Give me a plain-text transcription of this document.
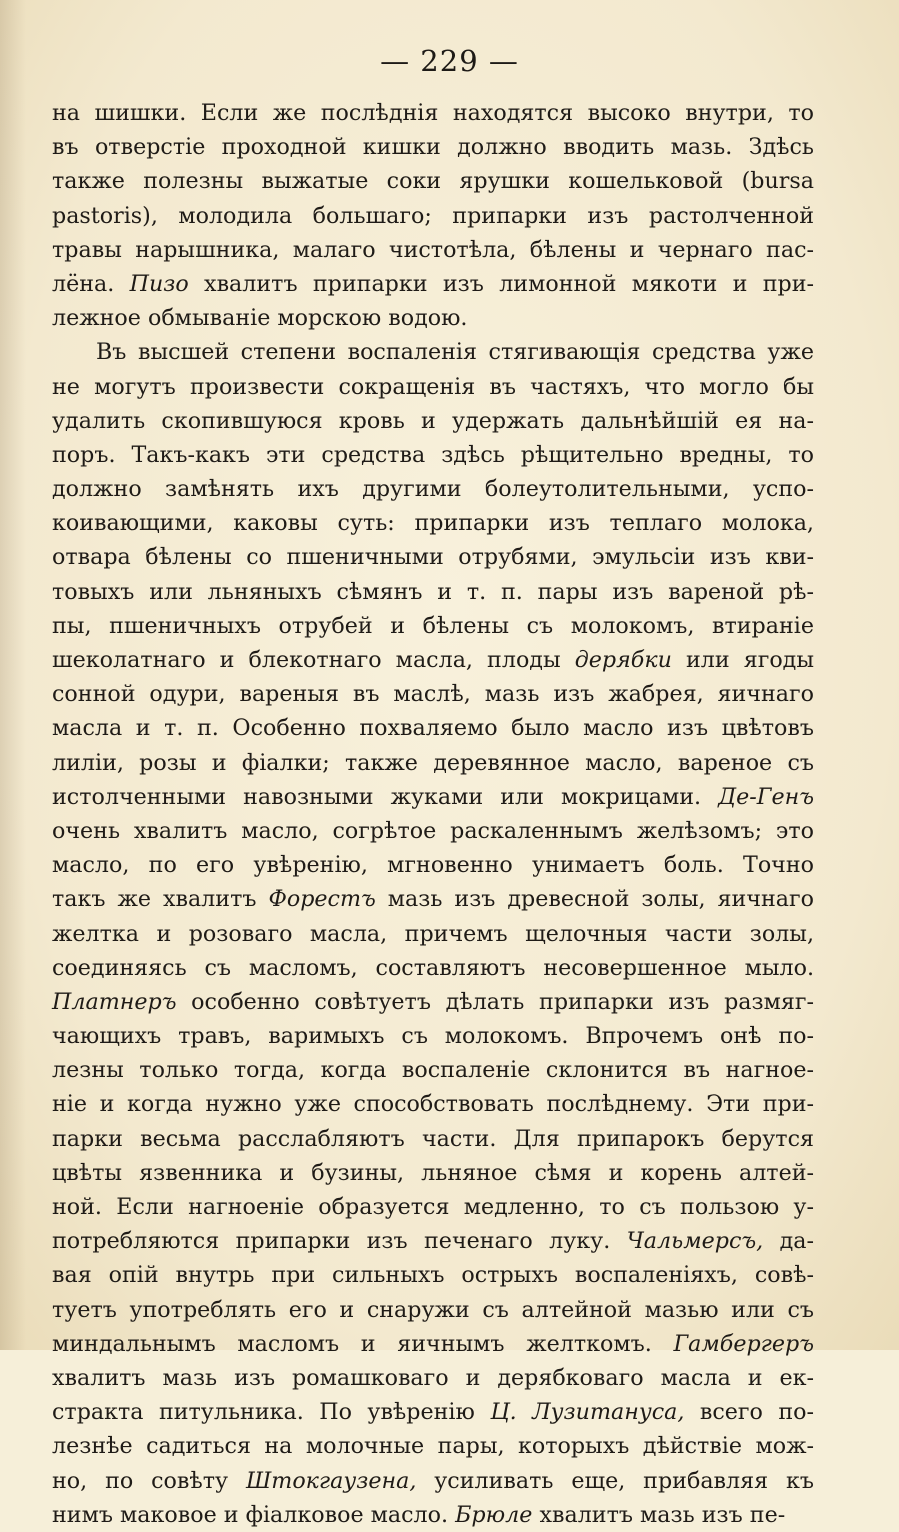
— 229 —
на шишки. Если же послѣднія находятся высоко внутри, то
въ отверстіе проходной кишки должно вводить мазь. Здѣсь
также полезны выжатые соки ярушки кошельковой (bursa
pastoris), молодила большаго; припарки изъ растолченной
травы нарышника, малаго чистотѣла, бѣлены и чернаго пас-
лёна. Пизо хвалитъ припарки изъ лимонной мякоти и при-
лежное обмываніе морскою водою.
Въ высшей степени воспаленія стягивающія средства уже
не могутъ произвести сокращенія въ частяхъ, что могло бы
удалить скопившуюся кровь и удержать дальнѣйшій ея на-
поръ. Такъ-какъ эти средства здѣсь рѣщительно вредны, то
должно замѣнять ихъ другими болеутолительными, успо-
коивающими, каковы суть: припарки изъ теплаго молока,
отвара бѣлены со пшеничными отрубями, эмульсіи изъ кви-
товыхъ или льняныхъ сѣмянъ и т. п. пары изъ вареной рѣ-
пы, пшеничныхъ отрубей и бѣлены съ молокомъ, втираніе
шеколатнаго и блекотнаго масла, плоды дерябки или ягоды
сонной одури, вареныя въ маслѣ, мазь изъ жабрея, яичнаго
масла и т. п. Особенно похваляемо было масло изъ цвѣтовъ
лиліи, розы и фіалки; также деревянное масло, вареное съ
истолченными навозными жуками или мокрицами. Де-Генъ
очень хвалитъ масло, согрѣтое раскаленнымъ желѣзомъ; это
масло, по его увѣренію, мгновенно унимаетъ боль. Точно
такъ же хвалитъ Форестъ мазь изъ древесной золы, яичнаго
желтка и розоваго масла, причемъ щелочныя части золы,
соединяясь съ масломъ, составляютъ несовершенное мыло.
Платнеръ особенно совѣтуетъ дѣлать припарки изъ размяг-
чающихъ травъ, варимыхъ съ молокомъ. Впрочемъ онѣ по-
лезны только тогда, когда воспаленіе склонится въ нагное-
ніе и когда нужно уже способствовать послѣднему. Эти при-
парки весьма расслабляютъ части. Для припарокъ берутся
цвѣты язвенника и бузины, льняное сѣмя и корень алтей-
ной. Если нагноеніе образуется медленно, то съ пользою у-
потребляются припарки изъ печенаго луку. Чальмерсъ, да-
вая опій внутрь при сильныхъ острыхъ воспаленіяхъ, совѣ-
туетъ употреблять его и снаружи съ алтейной мазью или съ
миндальнымъ масломъ и яичнымъ желткомъ. Гамбергеръ
хвалитъ мазь изъ ромашковаго и дерябковаго масла и ек-
стракта питульника. По увѣренію Ц. Лузитануса, всего по-
лезнѣе садиться на молочные пары, которыхъ дѣйствіе мож-
но, по совѣту Штокгаузена, усиливать еще, прибавляя къ
нимъ маковое и фіалковое масло. Брюле хвалитъ мазь изъ пе-
